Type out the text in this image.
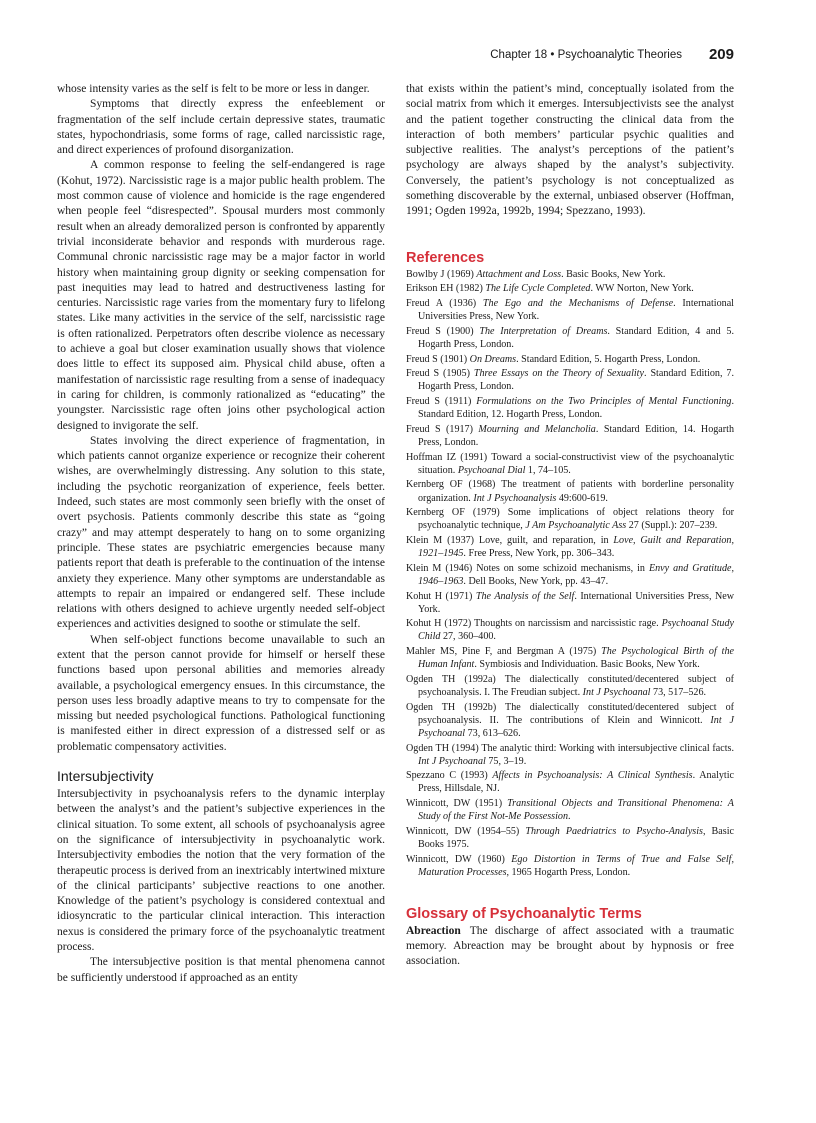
Chapter 18 • Psychoanalytic Theories 209

whose intensity varies as the self is felt to be more or less in danger.

Symptoms that directly express the enfeeblement or fragmentation of the self include certain depressive states, traumatic states, hypochondriasis, some forms of rage, called narcissistic rage, and direct experiences of profound disorganization.

A common response to feeling the self-endangered is rage (Kohut, 1972). Narcissistic rage is a major public health problem. The most common cause of violence and homicide is the rage engendered when people feel “disrespected”. Spousal murders most commonly result when an already demoralized person is confronted by apparently trivial inconsiderate behavior and responds with murderous rage. Communal chronic narcissistic rage may be a major factor in world history when maintaining group dignity or seeking compensation for past inequities may lead to hatred and destructiveness lasting for centuries. Narcissistic rage varies from the momentary fury to lifelong states. Like many activities in the service of the self, narcissistic rage is often rationalized. Perpetrators often describe violence as necessary to achieve a goal but closer examination usually shows that violence does little to effect its supposed aim. Physical child abuse, often a manifestation of narcissistic rage resulting from a sense of inadequacy in caring for children, is commonly rationalized as “educating” the youngster. Narcissistic rage often joins other psychological action designed to invigorate the self.

States involving the direct experience of fragmentation, in which patients cannot organize experience or recognize their coherent wishes, are overwhelmingly distressing. Any solution to this state, including the psychotic reorganization of experience, feels better. Indeed, such states are most commonly seen briefly with the onset of overt psychosis. Patients commonly describe this state as “going crazy” and may attempt desperately to hang on to some organizing principle. These states are psychiatric emergencies because many patients report that death is preferable to the continuation of the intense anxiety they experience. Many other symptoms are understandable as attempts to repair an impaired or endangered self. These include relations with others designed to achieve urgently needed self-object experiences and activities designed to soothe or stimulate the self.

When self-object functions become unavailable to such an extent that the person cannot provide for himself or herself these functions based upon personal abilities and memories already available, a psychological emergency ensues. In this circumstance, the person uses less broadly adaptive means to try to compensate for the missing but needed psychological functions. Pathological functioning is manifested either in direct expression of a distressed self or as problematic compensatory activities.

Intersubjectivity

Intersubjectivity in psychoanalysis refers to the dynamic interplay between the analyst’s and the patient’s subjective experiences in the clinical situation. To some extent, all schools of psychoanalysis agree on the significance of intersubjectivity in psychoanalytic work. Intersubjectivity embodies the notion that the very formation of the therapeutic process is derived from an inextricably intertwined mixture of the clinical participants’ subjective reactions to one another. Knowledge of the patient’s psychology is considered contextual and idiosyncratic to the particular clinical interaction. This interaction nexus is considered the primary force of the psychoanalytic treatment process.

The intersubjective position is that mental phenomena cannot be sufficiently understood if approached as an entity

that exists within the patient’s mind, conceptually isolated from the social matrix from which it emerges. Intersubjectivists see the analyst and the patient together constructing the clinical data from the interaction of both members’ particular psychic qualities and subjective realities. The analyst’s perceptions of the patient’s psychology are always shaped by the analyst’s subjectivity. Conversely, the patient’s psychology is not conceptualized as something discoverable by the external, unbiased observer (Hoffman, 1991; Ogden 1992a, 1992b, 1994; Spezzano, 1993).

References
Bowlby J (1969) Attachment and Loss. Basic Books, New York.
Erikson EH (1982) The Life Cycle Completed. WW Norton, New York.
Freud A (1936) The Ego and the Mechanisms of Defense. International Universities Press, New York.
Freud S (1900) The Interpretation of Dreams. Standard Edition, 4 and 5. Hogarth Press, London.
Freud S (1901) On Dreams. Standard Edition, 5. Hogarth Press, London.
Freud S (1905) Three Essays on the Theory of Sexuality. Standard Edition, 7. Hogarth Press, London.
Freud S (1911) Formulations on the Two Principles of Mental Functioning. Standard Edition, 12. Hogarth Press, London.
Freud S (1917) Mourning and Melancholia. Standard Edition, 14. Hogarth Press, London.
Hoffman IZ (1991) Toward a social-constructivist view of the psychoanalytic situation. Psychoanal Dial 1, 74–105.
Kernberg OF (1968) The treatment of patients with borderline personality organization. Int J Psychoanalysis 49:600-619.
Kernberg OF (1979) Some implications of object relations theory for psychoanalytic technique, J Am Psychoanalytic Ass 27 (Suppl.): 207–239.
Klein M (1937) Love, guilt, and reparation, in Love, Guilt and Reparation, 1921–1945. Free Press, New York, pp. 306–343.
Klein M (1946) Notes on some schizoid mechanisms, in Envy and Gratitude, 1946–1963. Dell Books, New York, pp. 43–47.
Kohut H (1971) The Analysis of the Self. International Universities Press, New York.
Kohut H (1972) Thoughts on narcissism and narcissistic rage. Psychoanal Study Child 27, 360–400.
Mahler MS, Pine F, and Bergman A (1975) The Psychological Birth of the Human Infant. Symbiosis and Individuation. Basic Books, New York.
Ogden TH (1992a) The dialectically constituted/decentered subject of psychoanalysis. I. The Freudian subject. Int J Psychoanal 73, 517–526.
Ogden TH (1992b) The dialectically constituted/decentered subject of psychoanalysis. II. The contributions of Klein and Winnicott. Int J Psychoanal 73, 613–626.
Ogden TH (1994) The analytic third: Working with intersubjective clinical facts. Int J Psychoanal 75, 3–19.
Spezzano C (1993) Affects in Psychoanalysis: A Clinical Synthesis. Analytic Press, Hillsdale, NJ.
Winnicott, DW (1951) Transitional Objects and Transitional Phenomena: A Study of the First Not-Me Possession.
Winnicott, DW (1954–55) Through Paedriatrics to Psycho-Analysis, Basic Books 1975.
Winnicott, DW (1960) Ego Distortion in Terms of True and False Self, Maturation Processes, 1965 Hogarth Press, London.
Glossary of Psychoanalytic Terms

Abreaction The discharge of affect associated with a traumatic memory. Abreaction may be brought about by hypnosis or free association.
